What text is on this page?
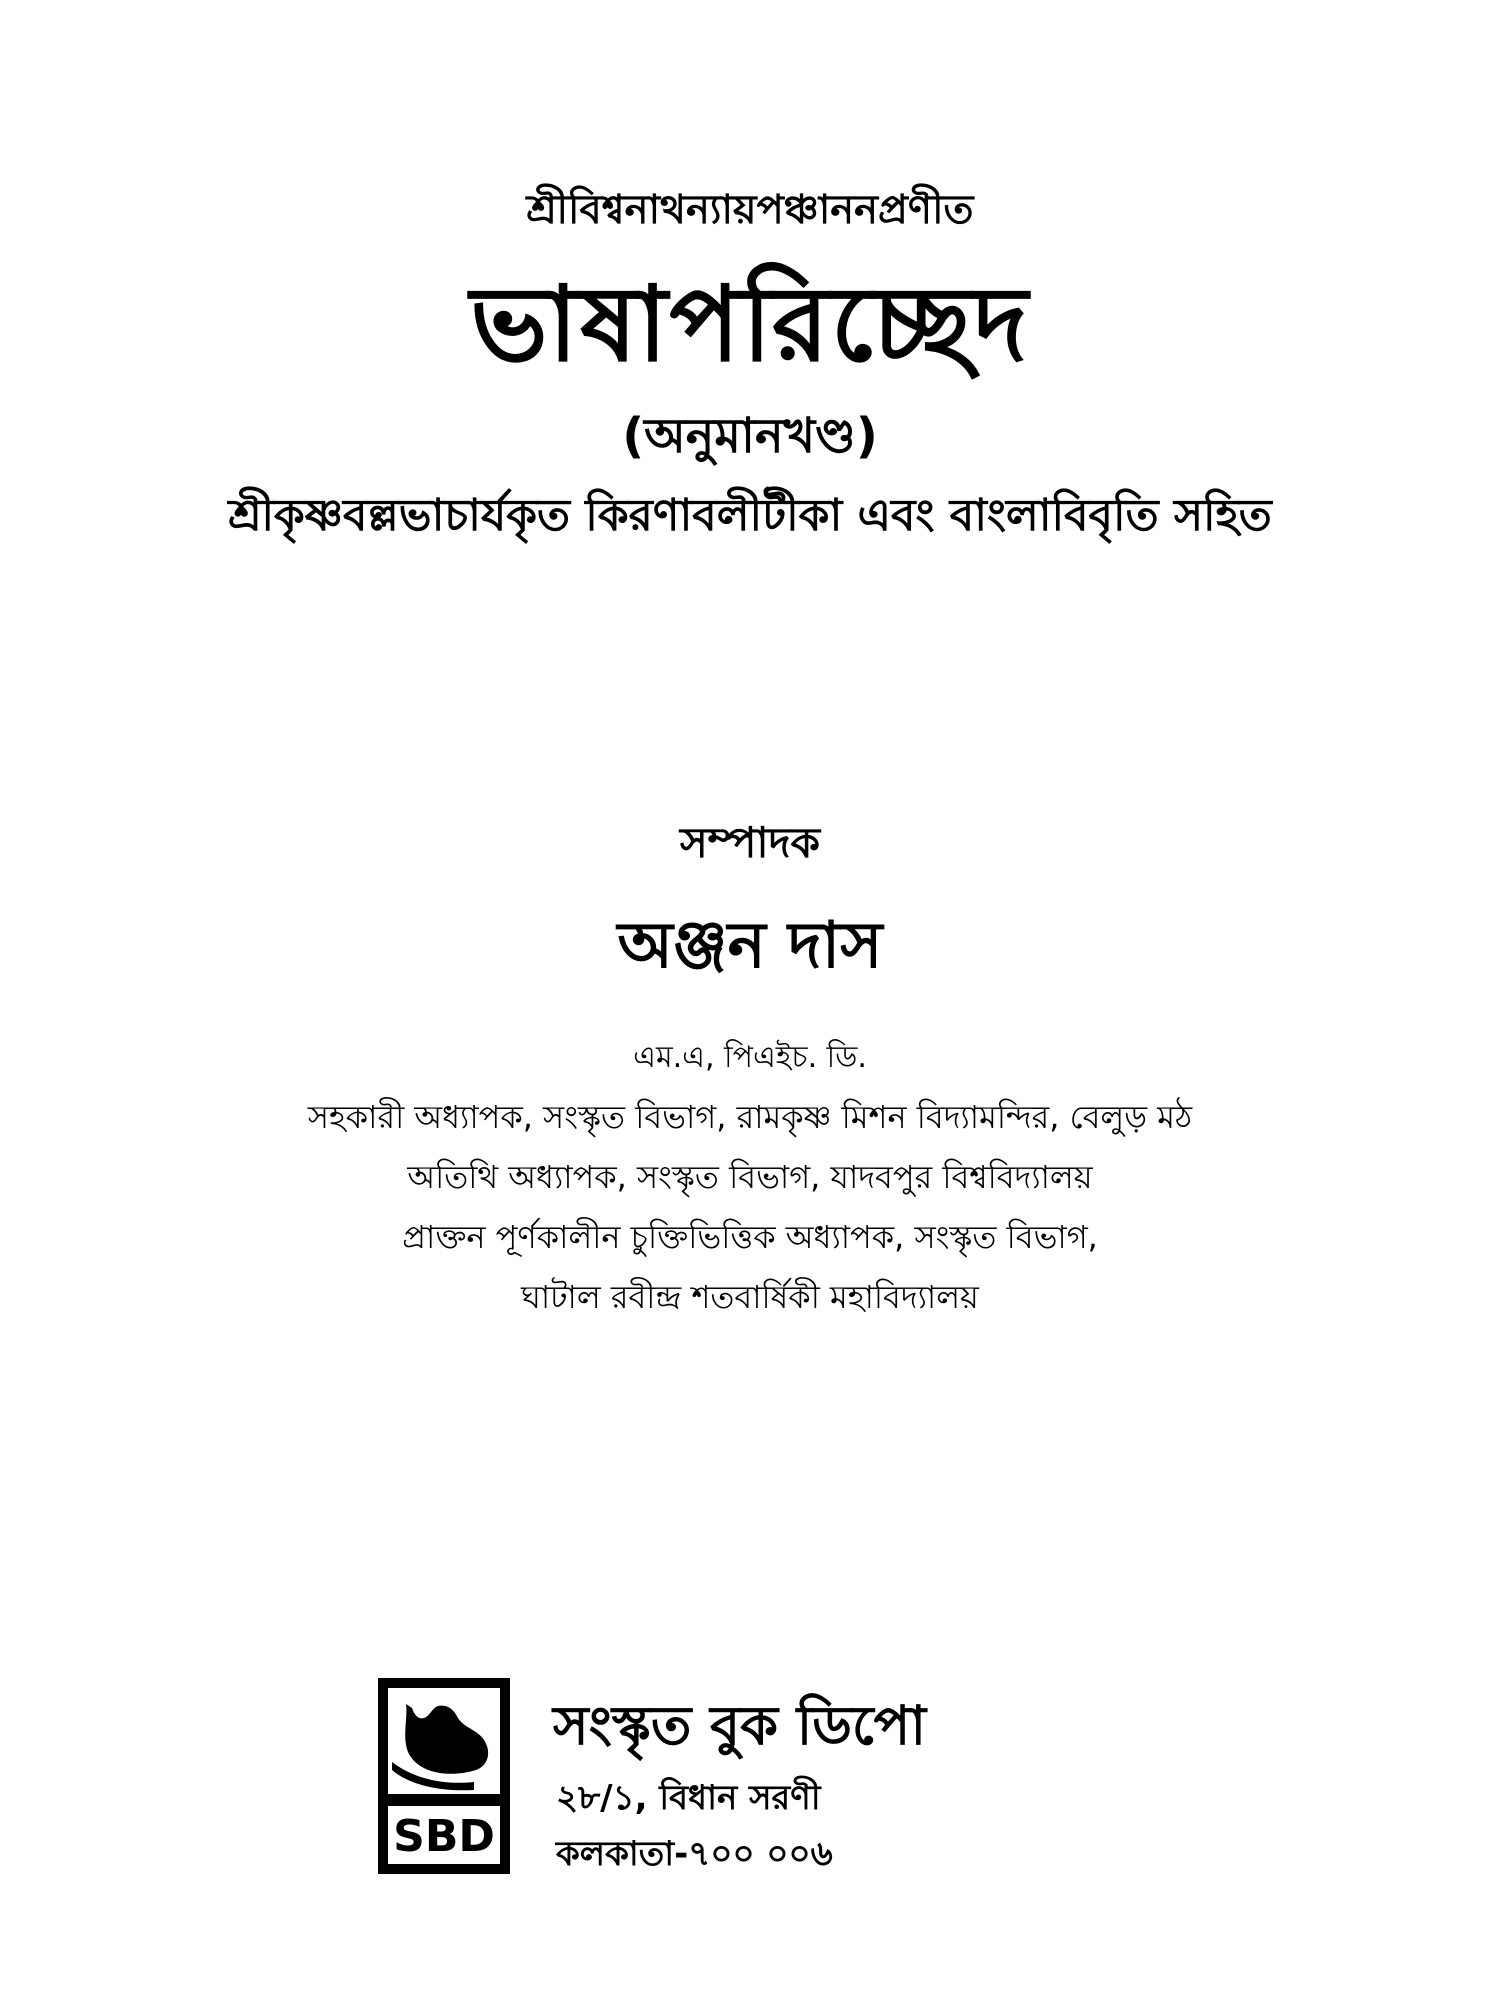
শ্রীবিশ্বনাথন্যায়পঞ্চাননপ্রণীত
ভাষাপরিচ্ছেদ
(অনুমানখণ্ড)
শ্রীকৃষ্ণবল্লভাচার্যকৃত কিরণাবলীটীকা এবং বাংলাবিবৃতি সহিত
সম্পাদক
অঞ্জন দাস
এম.এ, পিএইচ. ডি.
সহকারী অধ্যাপক, সংস্কৃত বিভাগ, রামকৃষ্ণ মিশন বিদ্যামন্দির, বেলুড় মঠ
অতিথি অধ্যাপক, সংস্কৃত বিভাগ, যাদবপুর বিশ্ববিদ্যালয়
প্রাক্তন পূর্ণকালীন চুক্তিভিত্তিক অধ্যাপক, সংস্কৃত বিভাগ,
ঘাটাল রবীন্দ্র শতবার্ষিকী মহাবিদ্যালয়
SBD
সংস্কৃত বুক ডিপো
২৮/১, বিধান সরণী
কলকাতা-৭০০ ০০৬
